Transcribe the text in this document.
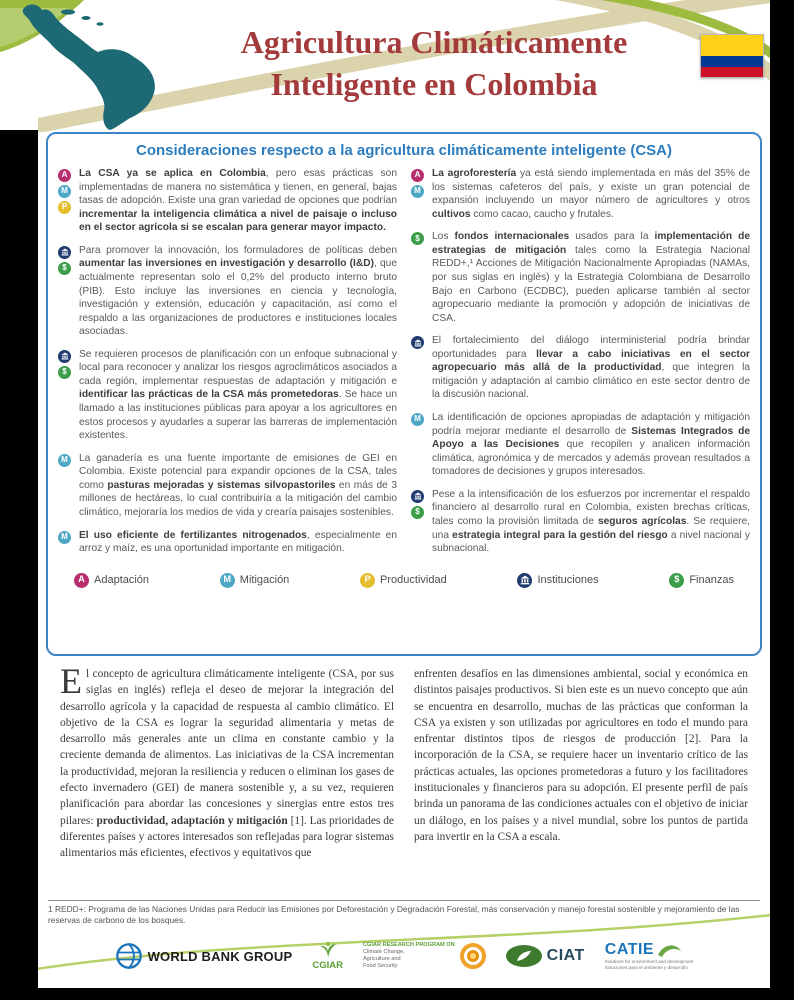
Agricultura Climáticamente
Inteligente en Colombia
Consideraciones respecto a la agricultura climáticamente inteligente (CSA)
A
M
P
La CSA ya se aplica en Colombia, pero esas prácticas son implementadas de manera no sistemática y tienen, en general, bajas tasas de adopción. Existe una gran variedad de opciones que podrían incrementar la inteligencia climática a nivel de paisaje o incluso en el sector agrícola si se escalan para generar mayor impacto.
$
Para promover la innovación, los formuladores de políticas deben aumentar las inversiones en investigación y desarrollo (I&D), que actualmente representan solo el 0,2% del producto interno bruto (PIB). Esto incluye las inversiones en ciencia y tecnología, investigación y extensión, educación y capacitación, así como el respaldo a las organizaciones de productores e instituciones locales asociadas.
$
Se requieren procesos de planificación con un enfoque subnacional y local para reconocer y analizar los riesgos agroclimáticos asociados a cada región, implementar respuestas de adaptación y mitigación e identificar las prácticas de la CSA más prometedoras. Se hace un llamado a las instituciones públicas para apoyar a los agricultores en estos procesos y ayudarles a superar las barreras de implementación existentes.
M	La ganadería es una fuente importante de emisiones de GEI en Colombia. Existe potencial para expandir opciones de la CSA, tales como pasturas mejoradas y sistemas silvopastoriles en más de 3 millones de hectáreas, lo cual contribuiría a la mitigación del cambio climático, mejoraría los medios de vida y crearía paisajes sostenibles.
M	El uso eficiente de fertilizantes nitrogenados, especialmente en arroz y maíz, es una oportunidad importante en mitigación.
A
M
La agroforestería ya está siendo implementada en más del 35% de los sistemas cafeteros del país, y existe un gran potencial de expansión incluyendo un mayor número de agricultores y otros cultivos como cacao, caucho y frutales.
$	Los fondos internacionales usados para la implementación de estrategias de mitigación tales como la Estrategia Nacional REDD+,¹ Acciones de Mitigación Nacionalmente Apropiadas (NAMAs, por sus siglas en inglés) y la Estrategia Colombiana de Desarrollo Bajo en Carbono (ECDBC), pueden aplicarse también al sector agropecuario mediante la promoción y adopción de iniciativas de CSA.
El fortalecimiento del diálogo interministerial podría brindar oportunidades para llevar a cabo iniciativas en el sector agropecuario más allá de la productividad, que integren la mitigación y adaptación al cambio climático en este sector dentro de la discusión nacional.
M	La identificación de opciones apropiadas de adaptación y mitigación podría mejorar mediante el desarrollo de Sistemas Integrados de Apoyo a las Decisiones que recopilen y analicen información climática, agronómica y de mercados y además provean resultados a tomadores de decisiones y grupos interesados.
$
Pese a la intensificación de los esfuerzos por incrementar el respaldo financiero al desarrollo rural en Colombia, existen brechas críticas, tales como la provisión limitada de seguros agrícolas. Se requiere, una estrategia integral para la gestión del riesgo a nivel nacional y subnacional.
A Adaptación	M Mitigación	P Productividad	Instituciones	$ Finanzas
El concepto de agricultura climáticamente inteligente (CSA, por sus siglas en inglés) refleja el deseo de mejorar la integración del desarrollo agrícola y la capacidad de respuesta al cambio climático. El objetivo de la CSA es lograr la seguridad alimentaria y metas de desarrollo más generales ante un clima en constante cambio y la creciente demanda de alimentos. Las iniciativas de la CSA incrementan la productividad, mejoran la resiliencia y reducen o eliminan los gases de efecto invernadero (GEI) de manera sostenible y, a su vez, requieren planificación para abordar las concesiones y sinergias entre estos tres pilares: productividad, adaptación y mitigación [1]. Las prioridades de diferentes países y actores interesados son reflejadas para lograr sistemas alimentarios más eficientes, efectivos y equitativos que
enfrenten desafíos en las dimensiones ambiental, social y económica en distintos paisajes productivos. Si bien este es un nuevo concepto que aún se encuentra en desarrollo, muchas de las prácticas que conforman la CSA ya existen y son utilizadas por agricultores en todo el mundo para enfrentar distintos tipos de riesgos de producción [2]. Para la incorporación de la CSA, se requiere hacer un inventario crítico de las prácticas actuales, las opciones prometedoras a futuro y los facilitadores institucionales y financieros para su adopción. El presente perfil de país brinda un panorama de las condiciones actuales con el objetivo de iniciar un diálogo, en los países y a nivel mundial, sobre los puntos de partida para invertir en la CSA a escala.
1 REDD+: Programa de las Naciones Unidas para Reducir las Emisiones por Deforestación y Degradación Forestal, más conservación y manejo forestal sostenible y mejoramiento de las reservas de carbono de los bosques.
WORLD BANK GROUP
CGIAR
CGIAR RESEARCH PROGRAM ON
Climate Change,
Agriculture and
Food Security
CIAT CATIE
Solutions for environment and development
Soluciones para el ambiente y desarrollo
